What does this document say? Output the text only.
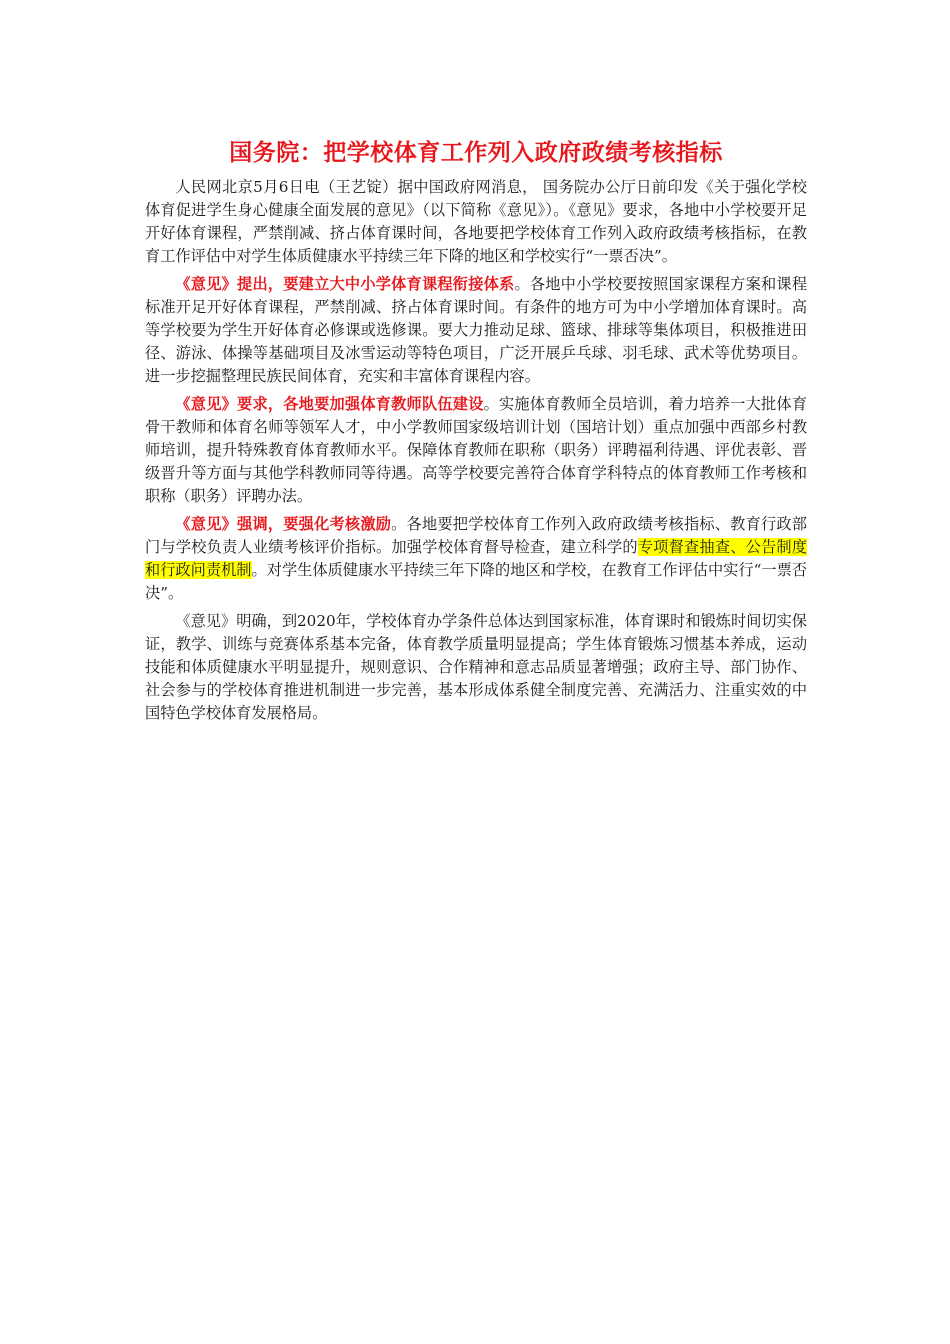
国务院：把学校体育工作列入政府政绩考核指标

人民网北京5月6日电（王艺锭）据中国政府网消息， 国务院办公厅日前印发《关于强化学校体育促进学生身心健康全面发展的意见》（以下简称《意见》）。《意见》要求，各地中小学校要开足开好体育课程，严禁削减、挤占体育课时间，各地要把学校体育工作列入政府政绩考核指标，在教育工作评估中对学生体质健康水平持续三年下降的地区和学校实行“一票否决”。

《意见》提出，要建立大中小学体育课程衔接体系。各地中小学校要按照国家课程方案和课程标准开足开好体育课程，严禁削减、挤占体育课时间。有条件的地方可为中小学增加体育课时。高等学校要为学生开好体育必修课或选修课。要大力推动足球、篮球、排球等集体项目，积极推进田径、游泳、体操等基础项目及冰雪运动等特色项目，广泛开展乒乓球、羽毛球、武术等优势项目。进一步挖掘整理民族民间体育，充实和丰富体育课程内容。

《意见》要求，各地要加强体育教师队伍建设。实施体育教师全员培训，着力培养一大批体育骨干教师和体育名师等领军人才，中小学教师国家级培训计划（国培计划）重点加强中西部乡村教师培训，提升特殊教育体育教师水平。保障体育教师在职称（职务）评聘福利待遇、评优表彰、晋级晋升等方面与其他学科教师同等待遇。高等学校要完善符合体育学科特点的体育教师工作考核和职称（职务）评聘办法。

《意见》强调，要强化考核激励。各地要把学校体育工作列入政府政绩考核指标、教育行政部门与学校负责人业绩考核评价指标。加强学校体育督导检查，建立科学的专项督查抽查、公告制度和行政问责机制。对学生体质健康水平持续三年下降的地区和学校，在教育工作评估中实行“一票否决”。

《意见》明确，到2020年，学校体育办学条件总体达到国家标准，体育课时和锻炼时间切实保证，教学、训练与竞赛体系基本完备，体育教学质量明显提高；学生体育锻炼习惯基本养成，运动技能和体质健康水平明显提升，规则意识、合作精神和意志品质显著增强；政府主导、部门协作、社会参与的学校体育推进机制进一步完善，基本形成体系健全制度完善、充满活力、注重实效的中国特色学校体育发展格局。
